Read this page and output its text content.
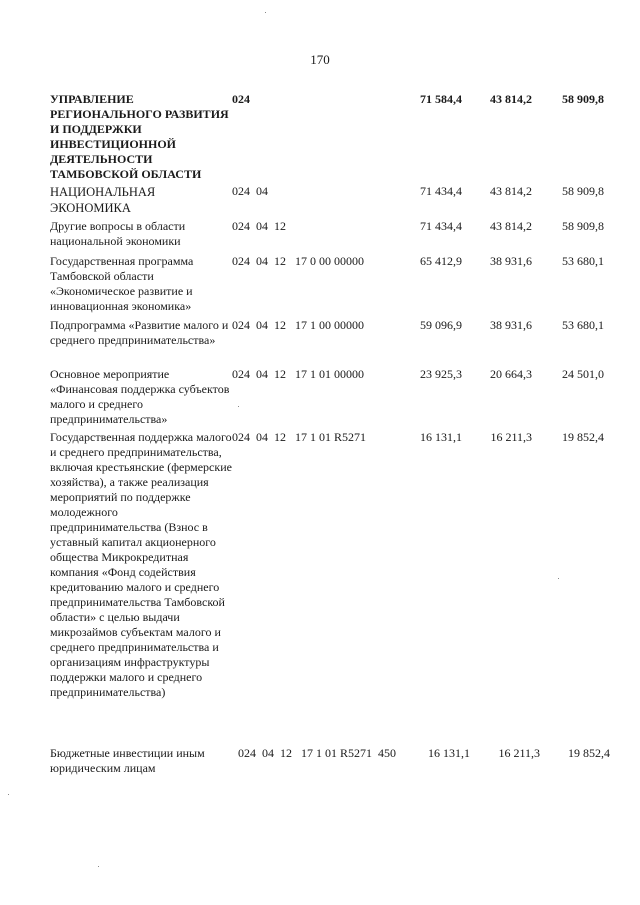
170
УПРАВЛЕНИЕ РЕГИОНАЛЬНОГО РАЗВИТИЯ И ПОДДЕРЖКИ ИНВЕСТИЦИОННОЙ ДЕЯТЕЛЬНОСТИ ТАМБОВСКОЙ ОБЛАСТИ
024	71 584,4	43 814,2	58 909,8
НАЦИОНАЛЬНАЯ ЭКОНОМИКА
024  04	71 434,4	43 814,2	58 909,8
Другие вопросы в области национальной экономики
024  04  12	71 434,4	43 814,2	58 909,8
Государственная программа Тамбовской области «Экономическое развитие и инновационная экономика»
024  04  12   17 0 00 00000	65 412,9	38 931,6	53 680,1
Подпрограмма «Развитие малого и среднего предпринимательства»
024  04  12   17 1 00 00000	59 096,9	38 931,6	53 680,1
Основное мероприятие «Финансовая поддержка субъектов малого и среднего предпринимательства»
024  04  12   17 1 01 00000	23 925,3	20 664,3	24 501,0
Государственная поддержка малого и среднего предпринимательства, включая крестьянские (фермерские хозяйства), а также реализация мероприятий по поддержке молодежного предпринимательства (Взнос в уставный капитал акционерного общества Микрокредитная компания «Фонд содействия кредитованию малого и среднего предпринимательства Тамбовской области» с целью выдачи микрозаймов субъектам малого и среднего предпринимательства и организациям инфраструктуры поддержки малого и среднего предпринимательства)
024  04  12   17 1 01 R5271	16 131,1	16 211,3	19 852,4
Бюджетные инвестиции иным юридическим лицам
024  04  12   17 1 01 R5271  450	16 131,1	16 211,3	19 852,4
